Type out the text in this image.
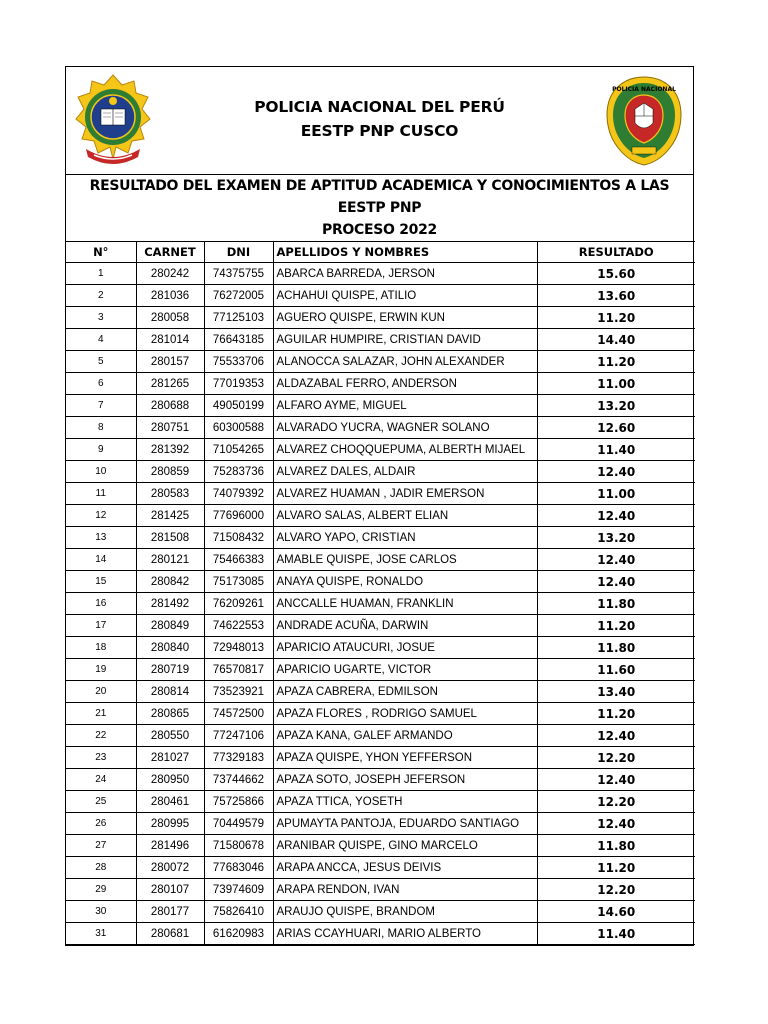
POLICIA NACIONAL DEL PERÚ
EESTP PNP CUSCO
POLICIA NACIONAL
RESULTADO DEL EXAMEN DE APTITUD ACADEMICA Y CONOCIMIENTOS A LAS
EESTP PNP
PROCESO 2022
N°	CARNET	DNI	APELLIDOS Y NOMBRES	RESULTADO
1	280242	74375755	ABARCA BARREDA, JERSON	15.60
2	281036	76272005	ACHAHUI QUISPE, ATILIO	13.60
3	280058	77125103	AGUERO QUISPE, ERWIN KUN	11.20
4	281014	76643185	AGUILAR HUMPIRE, CRISTIAN DAVID	14.40
5	280157	75533706	ALANOCCA SALAZAR, JOHN ALEXANDER	11.20
6	281265	77019353	ALDAZABAL FERRO, ANDERSON	11.00
7	280688	49050199	ALFARO AYME, MIGUEL	13.20
8	280751	60300588	ALVARADO YUCRA, WAGNER SOLANO	12.60
9	281392	71054265	ALVAREZ CHOQQUEPUMA, ALBERTH MIJAEL	11.40
10	280859	75283736	ALVAREZ DALES, ALDAIR	12.40
11	280583	74079392	ALVAREZ HUAMAN , JADIR EMERSON	11.00
12	281425	77696000	ALVARO SALAS, ALBERT ELIAN	12.40
13	281508	71508432	ALVARO YAPO, CRISTIAN	13.20
14	280121	75466383	AMABLE QUISPE, JOSE CARLOS	12.40
15	280842	75173085	ANAYA QUISPE, RONALDO	12.40
16	281492	76209261	ANCCALLE HUAMAN, FRANKLIN	11.80
17	280849	74622553	ANDRADE ACUÑA, DARWIN	11.20
18	280840	72948013	APARICIO ATAUCURI, JOSUE	11.80
19	280719	76570817	APARICIO UGARTE, VICTOR	11.60
20	280814	73523921	APAZA CABRERA, EDMILSON	13.40
21	280865	74572500	APAZA FLORES , RODRIGO SAMUEL	11.20
22	280550	77247106	APAZA KANA, GALEF ARMANDO	12.40
23	281027	77329183	APAZA QUISPE, YHON YEFFERSON	12.20
24	280950	73744662	APAZA SOTO, JOSEPH JEFERSON	12.40
25	280461	75725866	APAZA TTICA, YOSETH	12.20
26	280995	70449579	APUMAYTA PANTOJA, EDUARDO SANTIAGO	12.40
27	281496	71580678	ARANIBAR QUISPE, GINO MARCELO	11.80
28	280072	77683046	ARAPA ANCCA, JESUS DEIVIS	11.20
29	280107	73974609	ARAPA RENDON, IVAN	12.20
30	280177	75826410	ARAUJO QUISPE, BRANDOM	14.60
31	280681	61620983	ARIAS CCAYHUARI, MARIO ALBERTO	11.40
